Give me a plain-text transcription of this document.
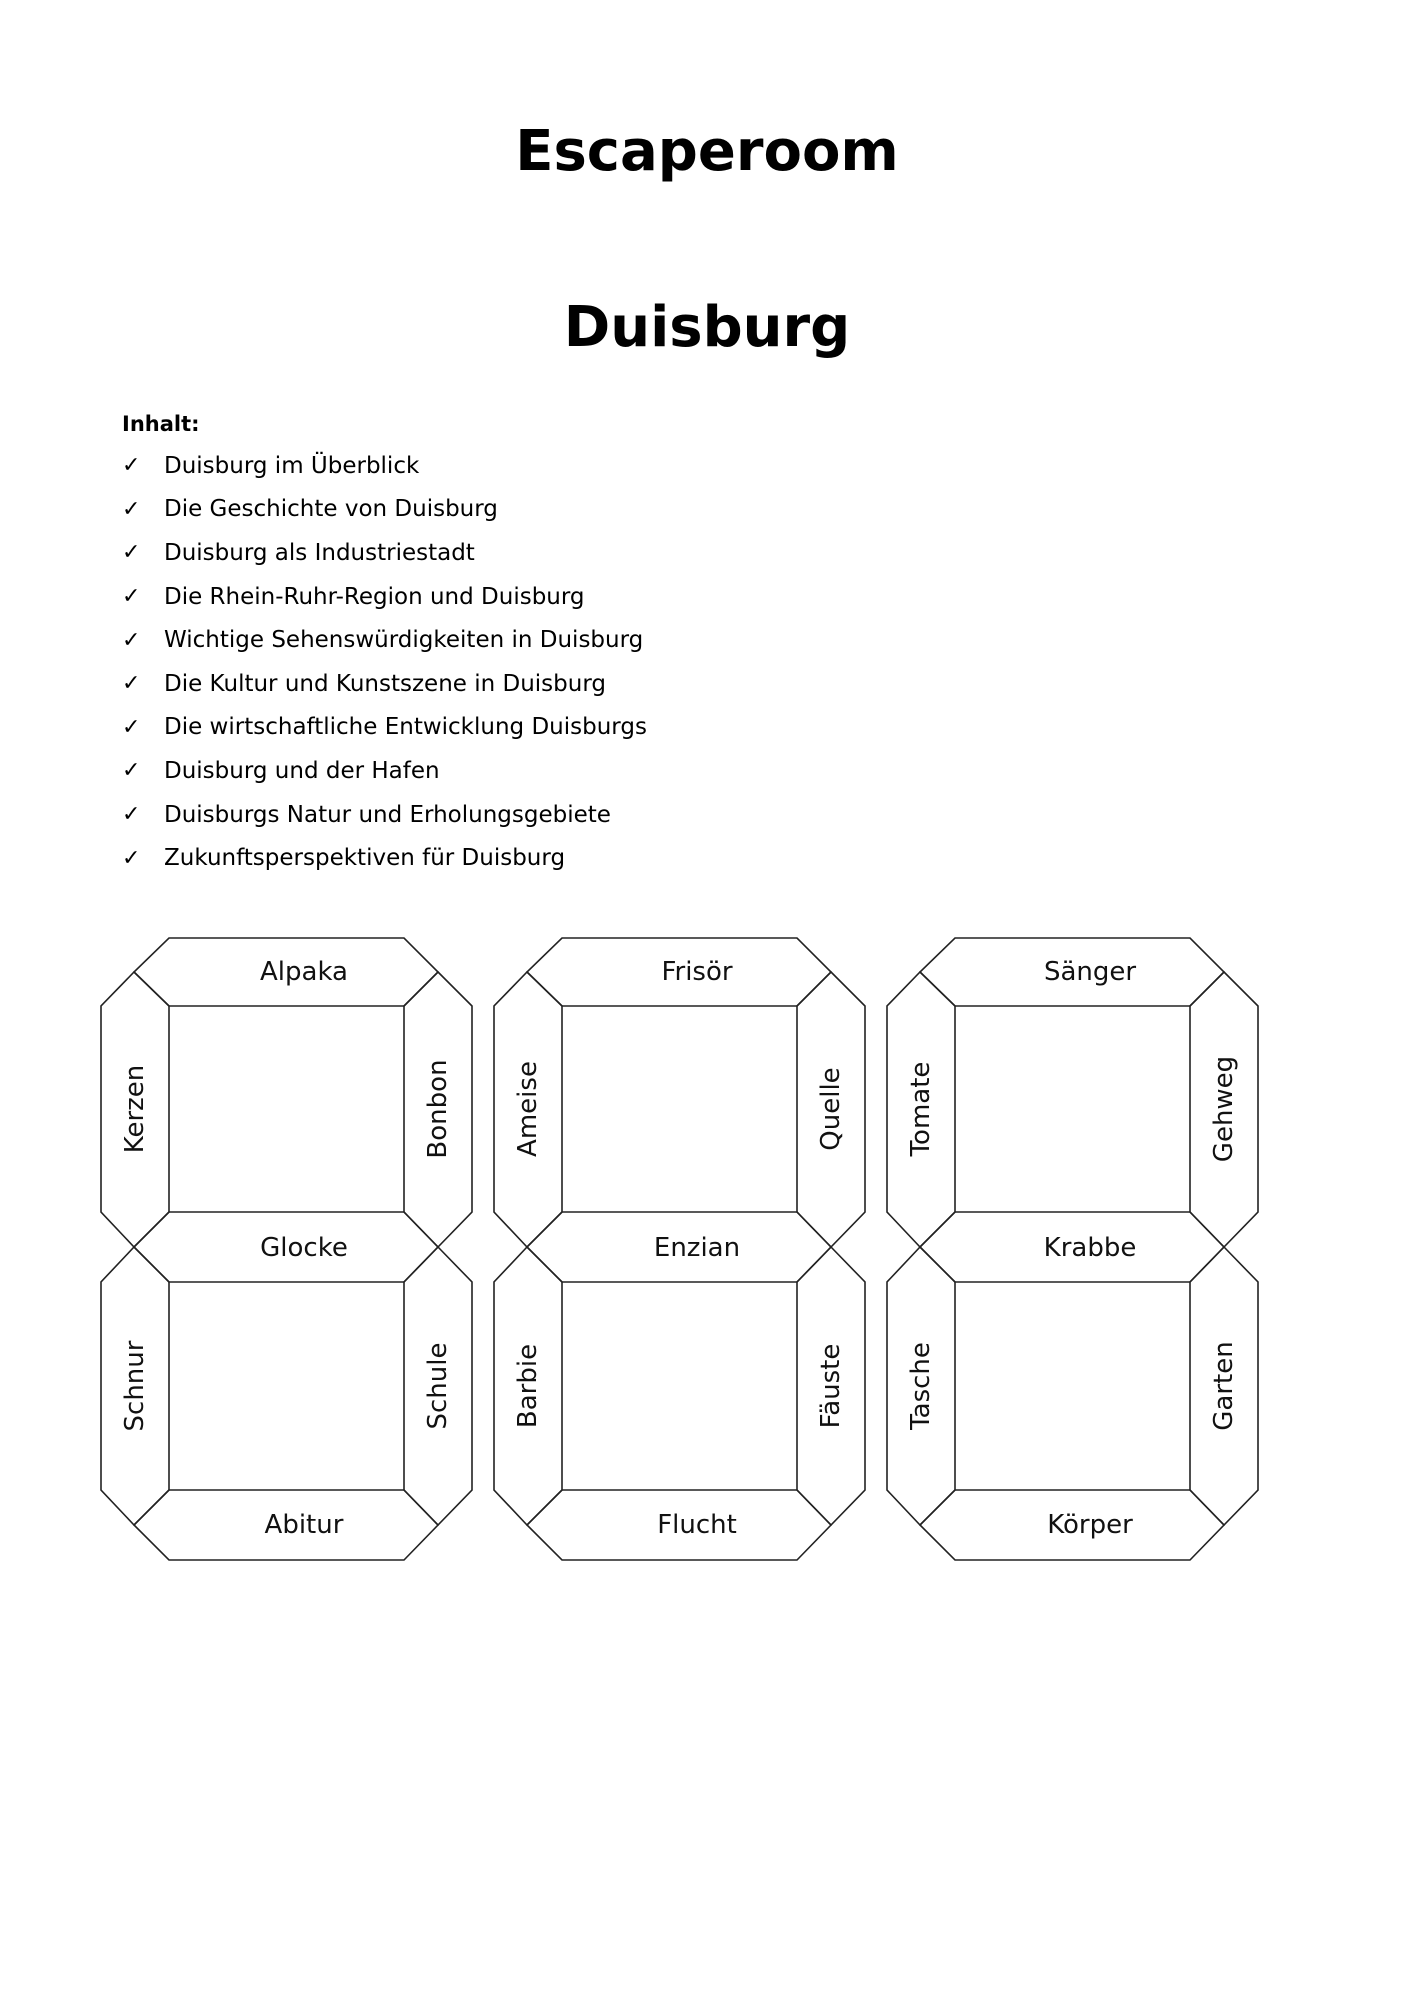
Escaperoom
Duisburg
Inhalt:
✓	Duisburg im Überblick
✓	Die Geschichte von Duisburg
✓	Duisburg als Industriestadt
✓	Die Rhein-Ruhr-Region und Duisburg
✓	Wichtige Sehenswürdigkeiten in Duisburg
✓	Die Kultur und Kunstszene in Duisburg
✓	Die wirtschaftliche Entwicklung Duisburgs
✓	Duisburg und der Hafen
✓	Duisburgs Natur und Erholungsgebiete
✓	Zukunftsperspektiven für Duisburg
Alpaka
Kerzen	Bonbon
Glocke
Schnur	Schule
Abitur
Frisör
Ameise	Quelle
Enzian
Barbie	Fäuste
Flucht
Sänger
Tomate	Gehweg
Krabbe
Tasche	Garten
Körper
